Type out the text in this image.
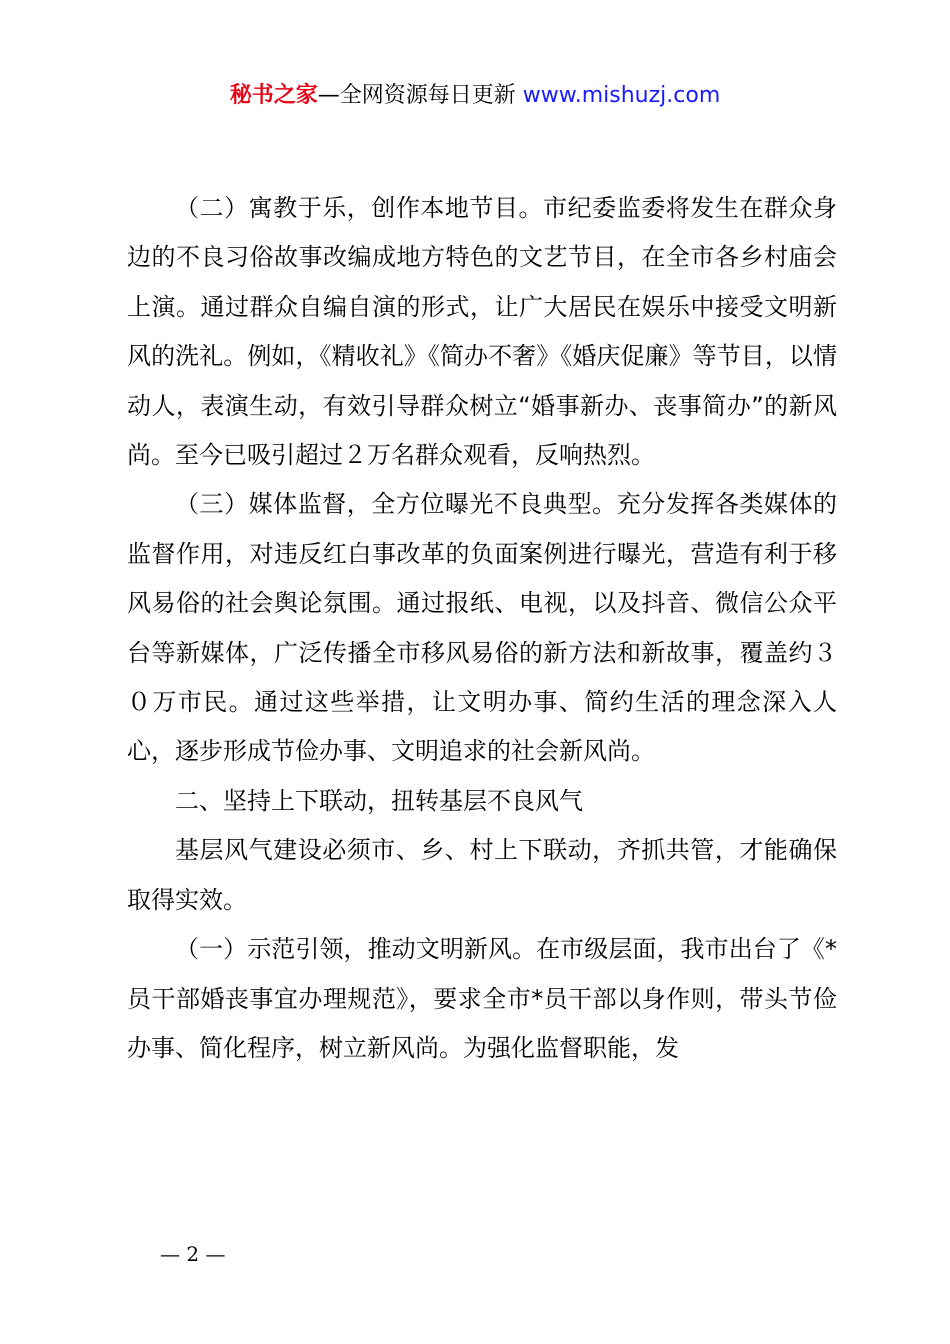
秘书之家—全网资源每日更新 www.mishuzj.com

（二）寓教于乐，创作本地节目。市纪委监委将发生在群众身边的不良习俗故事改编成地方特色的文艺节目，在全市各乡村庙会上演。通过群众自编自演的形式，让广大居民在娱乐中接受文明新风的洗礼。例如，《精收礼》《简办不奢》《婚庆促廉》等节目，以情动人，表演生动，有效引导群众树立“婚事新办、丧事简办”的新风尚。至今已吸引超过２万名群众观看，反响热烈。

（三）媒体监督，全方位曝光不良典型。充分发挥各类媒体的监督作用，对违反红白事改革的负面案例进行曝光，营造有利于移风易俗的社会舆论氛围。通过报纸、电视，以及抖音、微信公众平台等新媒体，广泛传播全市移风易俗的新方法和新故事，覆盖约３０万市民。通过这些举措，让文明办事、简约生活的理念深入人心，逐步形成节俭办事、文明追求的社会新风尚。

二、坚持上下联动，扭转基层不良风气

基层风气建设必须市、乡、村上下联动，齐抓共管，才能确保取得实效。

（一）示范引领，推动文明新风。在市级层面，我市出台了《*员干部婚丧事宜办理规范》，要求全市*员干部以身作则，带头节俭办事、简化程序，树立新风尚。为强化监督职能，发

— 2 —
